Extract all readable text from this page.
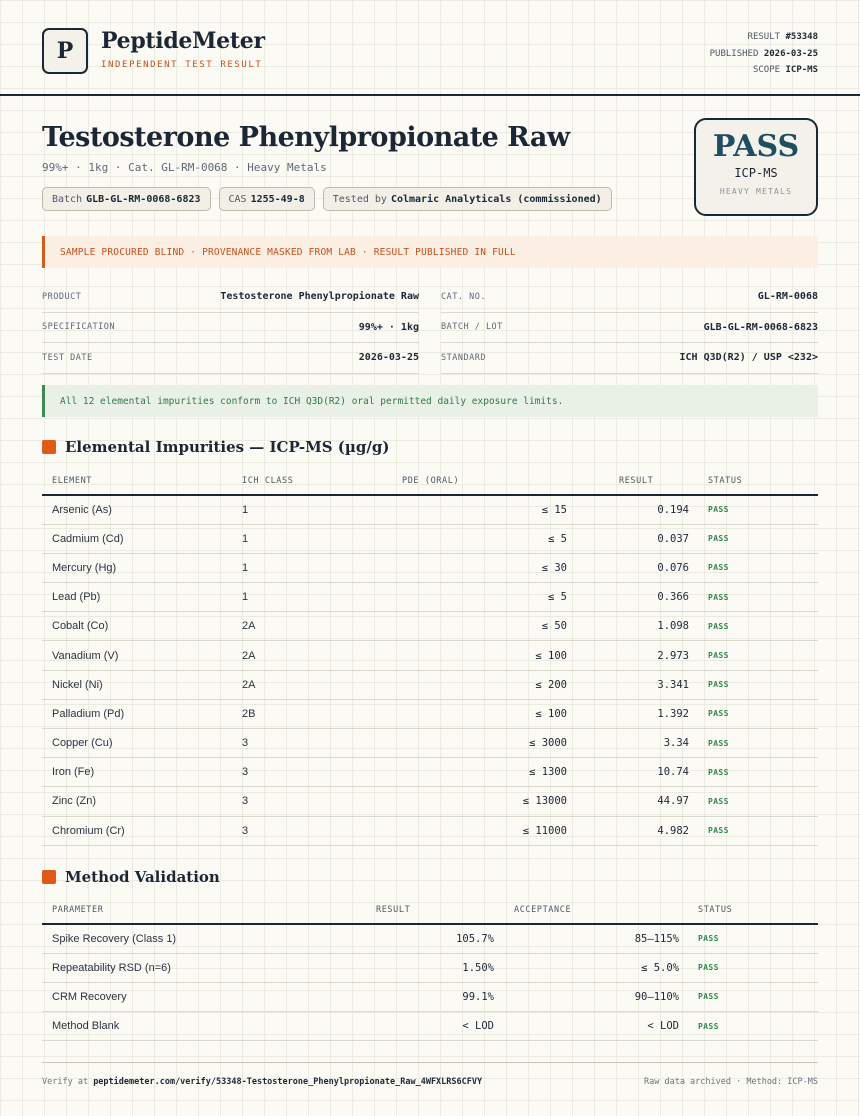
P	PeptideMeter
INDEPENDENT TEST RESULT
RESULT #53348
PUBLISHED 2026-03-25
SCOPE ICP-MS
Testosterone Phenylpropionate Raw
99%+ · 1kg · Cat. GL-RM-0068 · Heavy Metals
Batch GLB-GL-RM-0068-6823	CAS 1255-49-8	Tested by Colmaric Analyticals (commissioned)
PASS
ICP-MS
HEAVY METALS
SAMPLE PROCURED BLIND · PROVENANCE MASKED FROM LAB · RESULT PUBLISHED IN FULL
PRODUCT	Testosterone Phenylpropionate Raw	CAT. NO.	GL-RM-0068
SPECIFICATION	99%+ · 1kg	BATCH / LOT	GLB-GL-RM-0068-6823
TEST DATE	2026-03-25	STANDARD	ICH Q3D(R2) / USP <232>
All 12 elemental impurities conform to ICH Q3D(R2) oral permitted daily exposure limits.
Elemental Impurities — ICP-MS (µg/g)
ELEMENT	ICH CLASS	PDE (ORAL)	RESULT	STATUS
Arsenic (As)	1	≤ 15	0.194	PASS
Cadmium (Cd)	1	≤ 5	0.037	PASS
Mercury (Hg)	1	≤ 30	0.076	PASS
Lead (Pb)	1	≤ 5	0.366	PASS
Cobalt (Co)	2A	≤ 50	1.098	PASS
Vanadium (V)	2A	≤ 100	2.973	PASS
Nickel (Ni)	2A	≤ 200	3.341	PASS
Palladium (Pd)	2B	≤ 100	1.392	PASS
Copper (Cu)	3	≤ 3000	3.34	PASS
Iron (Fe)	3	≤ 1300	10.74	PASS
Zinc (Zn)	3	≤ 13000	44.97	PASS
Chromium (Cr)	3	≤ 11000	4.982	PASS
Method Validation
PARAMETER	RESULT	ACCEPTANCE	STATUS
Spike Recovery (Class 1)	105.7%	85–115%	PASS
Repeatability RSD (n=6)	1.50%	≤ 5.0%	PASS
CRM Recovery	99.1%	90–110%	PASS
Method Blank	< LOD	< LOD	PASS
Verify at peptidemeter.com/verify/53348-Testosterone_Phenylpropionate_Raw_4WFXLRS6CFVY	Raw data archived · Method: ICP-MS
